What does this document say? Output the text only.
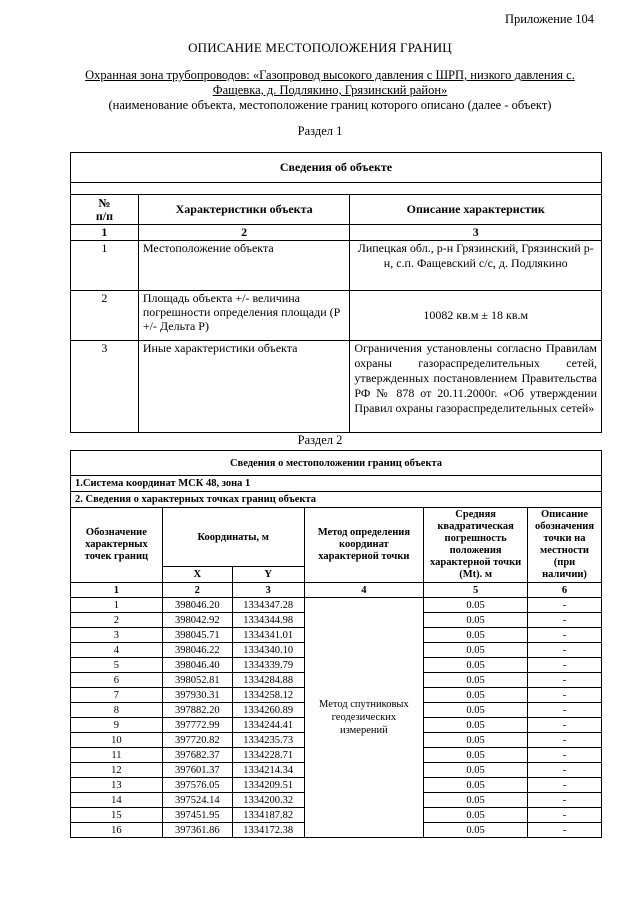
Приложение 104
ОПИСАНИЕ МЕСТОПОЛОЖЕНИЯ ГРАНИЦ
Охранная зона трубопроводов: «Газопровод высокого давления с ШРП, низкого давления с.
Фащевка, д. Подлякино, Грязинский район»
(наименование объекта, местоположение границ которого описано (далее - объект)
Раздел 1
Сведения об объекте		

№
п/п	Характеристики объекта	Описание характеристик
1	2	3
1	Местоположение объекта	Липецкая обл., р-н Грязинский, Грязинский р-н, с.п. Фащевский с/с, д. Подлякино
2	Площадь объекта +/- величина погрешности определения площади (Р +/- Дельта Р)	10082 кв.м ± 18 кв.м
3	Иные характеристики объекта	Ограничения установлены согласно Правилам охраны газораспределительных сетей, утвержденных постановлением Правительства РФ № 878 от 20.11.2000г. «Об утверждении Правил охраны газораспределительных сетей»
Раздел 2
Сведения о местоположении границ объекта					
1.Система координат МСК 48, зона 1					
2. Сведения о характерных точках границ объекта					
Обозначение характерных точек границ	Координаты, м		Метод определения координат характерной точки	Средняя квадратическая погрешность положения характерной точки (Mt). м	Описание обозначения точки на местности (при наличии)
	X	Y			
1	2	3	4	5	6
1	398046.20	1334347.28	Метод спутниковых геодезических измерений	0.05	-
2	398042.92	1334344.98		0.05	-
3	398045.71	1334341.01		0.05	-
4	398046.22	1334340.10		0.05	-
5	398046.40	1334339.79		0.05	-
6	398052.81	1334284.88		0.05	-
7	397930.31	1334258.12		0.05	-
8	397882.20	1334260.89		0.05	-
9	397772.99	1334244.41		0.05	-
10	397720.82	1334235.73		0.05	-
11	397682.37	1334228.71		0.05	-
12	397601.37	1334214.34		0.05	-
13	397576.05	1334209.51		0.05	-
14	397524.14	1334200.32		0.05	-
15	397451.95	1334187.82		0.05	-
16	397361.86	1334172.38		0.05	-
